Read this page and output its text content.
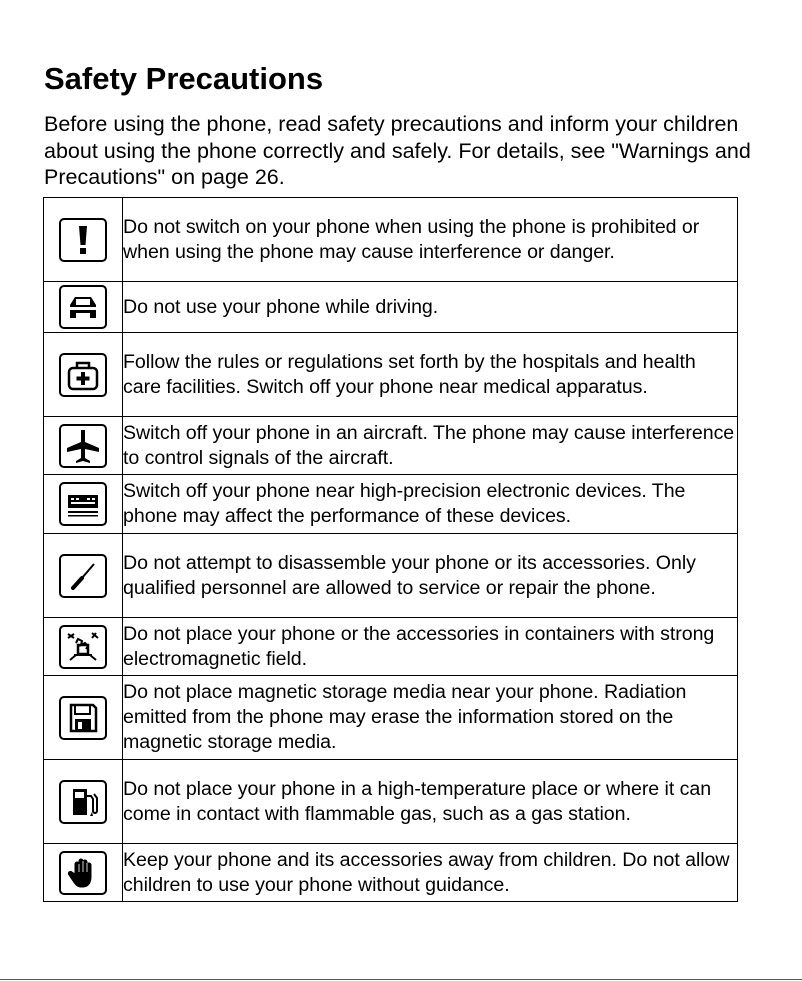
Safety Precautions

Before using the phone, read safety precautions and inform your children about using the phone correctly and safely. For details, see "Warnings and Precautions" on page 26.

	Do not switch on your phone when using the phone is prohibited or when using the phone may cause interference or danger.

	Do not use your phone while driving.

	Follow the rules or regulations set forth by the hospitals and health care facilities. Switch off your phone near medical apparatus.

	Switch off your phone in an aircraft. The phone may cause interference to control signals of the aircraft.

	Switch off your phone near high-precision electronic devices. The phone may affect the performance of these devices.

	Do not attempt to disassemble your phone or its accessories. Only qualified personnel are allowed to service or repair the phone.

	Do not place your phone or the accessories in containers with strong electromagnetic field.

	Do not place magnetic storage media near your phone. Radiation emitted from the phone may erase the information stored on the magnetic storage media.

	Do not place your phone in a high-temperature place or where it can come in contact with flammable gas, such as a gas station.

	Keep your phone and its accessories away from children. Do not allow children to use your phone without guidance.
